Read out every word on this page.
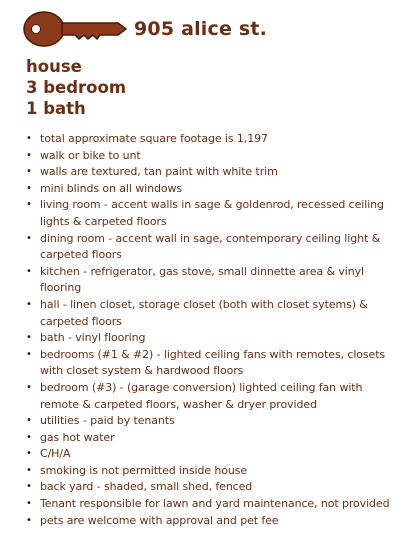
905 alice st.
house
3 bedroom
1 bath
• total approximate square footage is 1,197
• walk or bike to unt
• walls are textured, tan paint with white trim
• mini blinds on all windows
• living room - accent walls in sage & goldenrod, recessed ceiling lights & carpeted floors
• dining room - accent wall in sage, contemporary ceiling light & carpeted floors
• kitchen - refrigerator, gas stove, small dinnette area & vinyl flooring
• hall - linen closet, storage closet (both with closet sytems) & carpeted floors
• bath - vinyl flooring
• bedrooms (#1 & #2) - lighted ceiling fans with remotes, closets with closet system & hardwood floors
• bedroom (#3) - (garage conversion) lighted ceiling fan with remote & carpeted floors, washer & dryer provided
• utilities - paid by tenants
• gas hot water
• C/H/A
• smoking is not permitted inside house
• back yard - shaded, small shed, fenced
• Tenant responsible for lawn and yard maintenance, not provided
• pets are welcome with approval and pet fee
